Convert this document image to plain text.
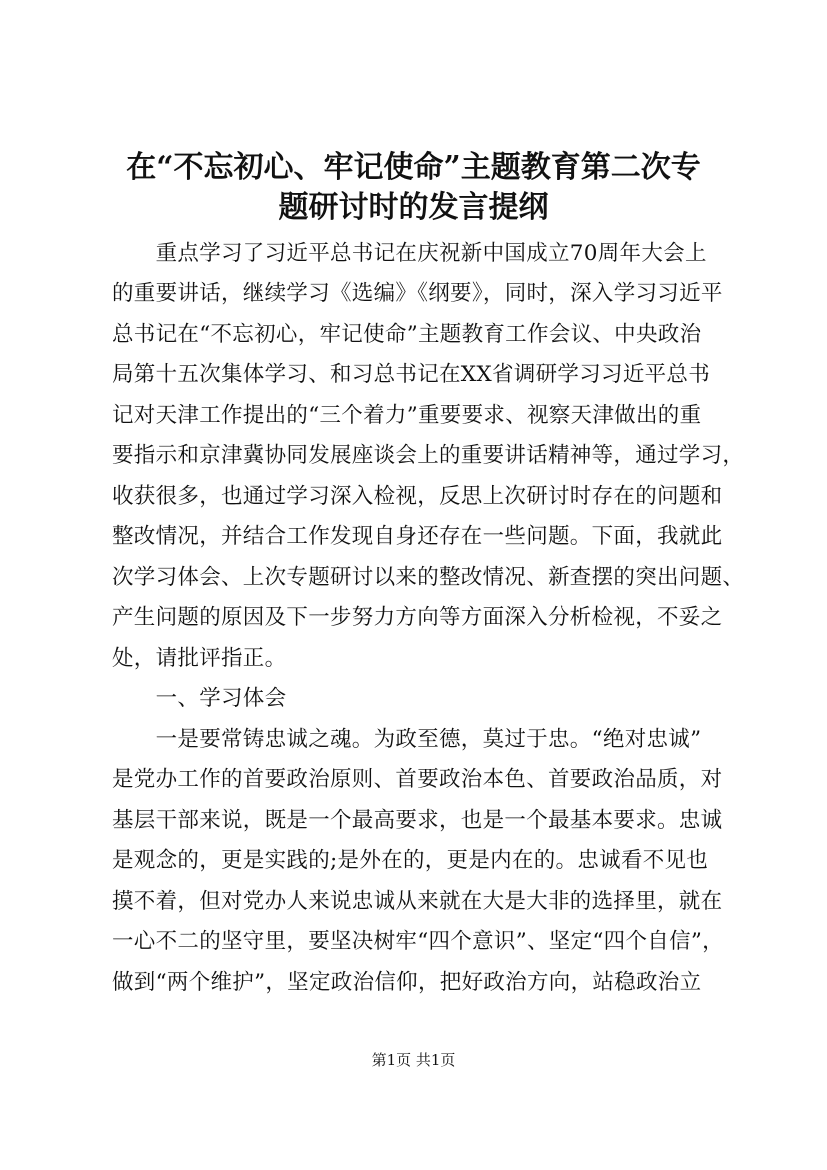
在“不忘初心、牢记使命”主题教育第二次专
题研讨时的发言提纲
　　重点学习了习近平总书记在庆祝新中国成立70周年大会上
的重要讲话，继续学习《选编》《纲要》，同时，深入学习习近平
总书记在“不忘初心，牢记使命”主题教育工作会议、中央政治
局第十五次集体学习、和习总书记在XX省调研学习习近平总书
记对天津工作提出的“三个着力”重要要求、视察天津做出的重
要指示和京津冀协同发展座谈会上的重要讲话精神等，通过学习，
收获很多，也通过学习深入检视，反思上次研讨时存在的问题和
整改情况，并结合工作发现自身还存在一些问题。下面，我就此
次学习体会、上次专题研讨以来的整改情况、新查摆的突出问题、
产生问题的原因及下一步努力方向等方面深入分析检视，不妥之
处，请批评指正。
　　一、学习体会
　　一是要常铸忠诚之魂。为政至德，莫过于忠。“绝对忠诚”
是党办工作的首要政治原则、首要政治本色、首要政治品质，对
基层干部来说，既是一个最高要求，也是一个最基本要求。忠诚
是观念的，更是实践的;是外在的，更是内在的。忠诚看不见也
摸不着，但对党办人来说忠诚从来就在大是大非的选择里，就在
一心不二的坚守里，要坚决树牢“四个意识”、坚定“四个自信”，
做到“两个维护”，坚定政治信仰，把好政治方向，站稳政治立
第1页 共1页
